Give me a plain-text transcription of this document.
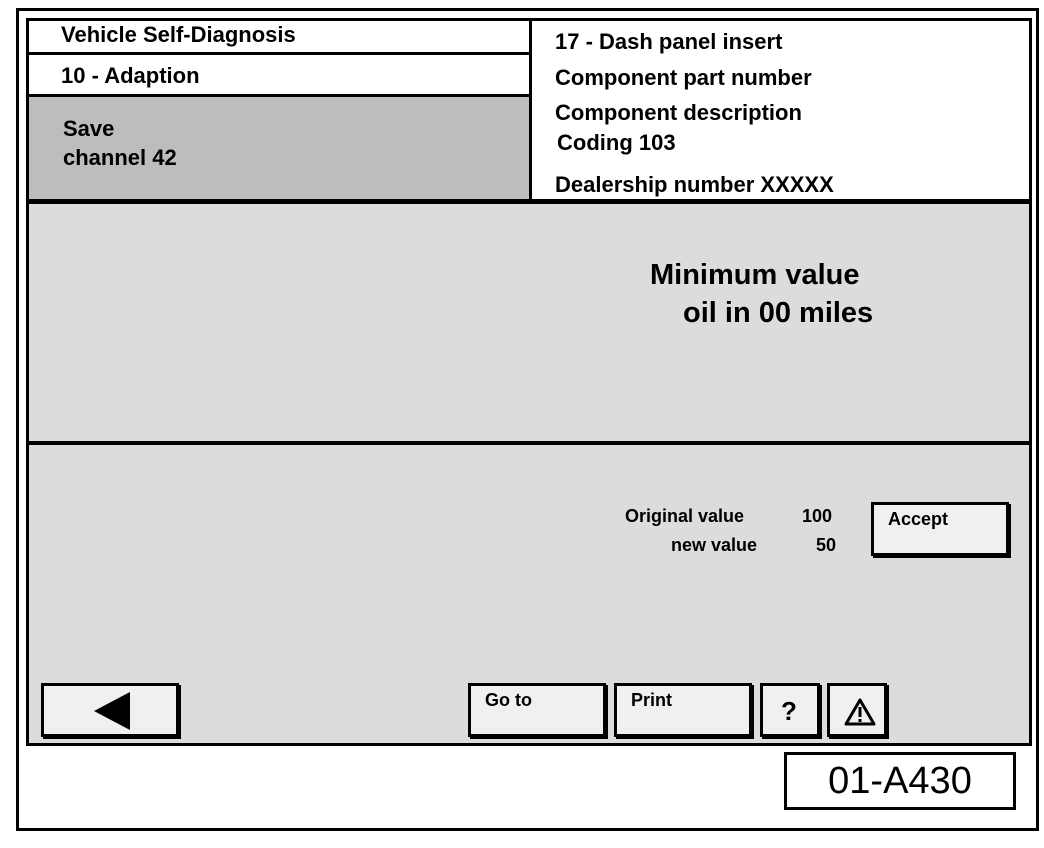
Vehicle Self-Diagnosis
10 - Adaption
Save
channel 42
17 - Dash panel insert
Component part number
Component description
Coding 103
Dealership number XXXXX
Minimum value
oil in 00 miles
Original value	100
new value	50
Accept
Go to	Print	?
01-A430
